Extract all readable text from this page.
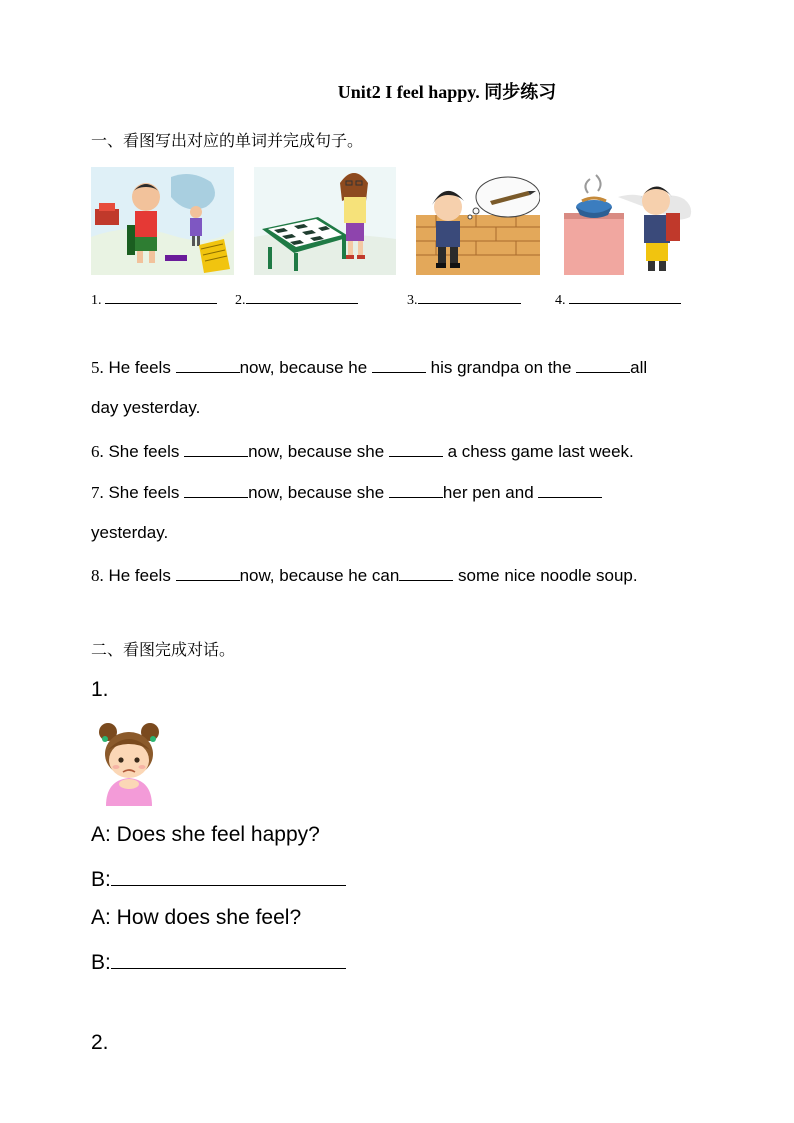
Unit2 I feel happy. 同步练习
一、看图写出对应的单词并完成句子。
1.	2.	3.	4.
5. He feels	now, because he	his grandpa on the	all
day yesterday.
6. She feels	now, because she	a chess game last week.
7. She feels	now, because she	her pen and
yesterday.
8. He feels	now, because he can	some nice noodle soup.
二、看图完成对话。
1.
A: Does she feel happy?
B:
A: How does she feel?
B:
2.
